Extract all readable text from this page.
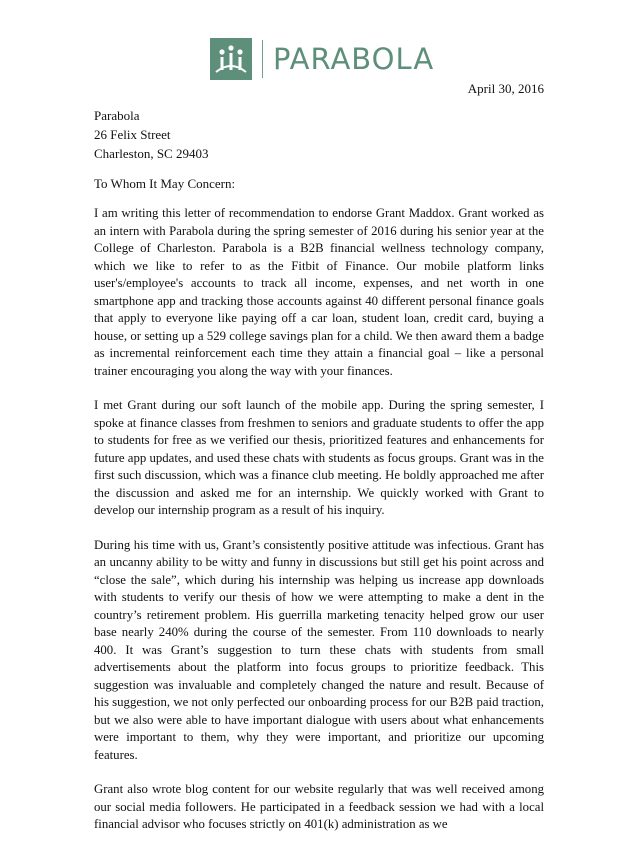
PARABOLA
April 30, 2016
Parabola
26 Felix Street
Charleston, SC 29403
To Whom It May Concern:

I am writing this letter of recommendation to endorse Grant Maddox. Grant worked as an intern with Parabola during the spring semester of 2016 during his senior year at the College of Charleston. Parabola is a B2B financial wellness technology company, which we like to refer to as the Fitbit of Finance. Our mobile platform links user's/employee's accounts to track all income, expenses, and net worth in one smartphone app and tracking those accounts against 40 different personal finance goals that apply to everyone like paying off a car loan, student loan, credit card, buying a house, or setting up a 529 college savings plan for a child. We then award them a badge as incremental reinforcement each time they attain a financial goal – like a personal trainer encouraging you along the way with your finances.

I met Grant during our soft launch of the mobile app. During the spring semester, I spoke at finance classes from freshmen to seniors and graduate students to offer the app to students for free as we verified our thesis, prioritized features and enhancements for future app updates, and used these chats with students as focus groups. Grant was in the first such discussion, which was a finance club meeting. He boldly approached me after the discussion and asked me for an internship. We quickly worked with Grant to develop our internship program as a result of his inquiry.

During his time with us, Grant’s consistently positive attitude was infectious. Grant has an uncanny ability to be witty and funny in discussions but still get his point across and “close the sale”, which during his internship was helping us increase app downloads with students to verify our thesis of how we were attempting to make a dent in the country’s retirement problem. His guerrilla marketing tenacity helped grow our user base nearly 240% during the course of the semester. From 110 downloads to nearly 400. It was Grant’s suggestion to turn these chats with students from small advertisements about the platform into focus groups to prioritize feedback. This suggestion was invaluable and completely changed the nature and result. Because of his suggestion, we not only perfected our onboarding process for our B2B paid traction, but we also were able to have important dialogue with users about what enhancements were important to them, why they were important, and prioritize our upcoming features.

Grant also wrote blog content for our website regularly that was well received among our social media followers. He participated in a feedback session we had with a local financial advisor who focuses strictly on 401(k) administration as we
